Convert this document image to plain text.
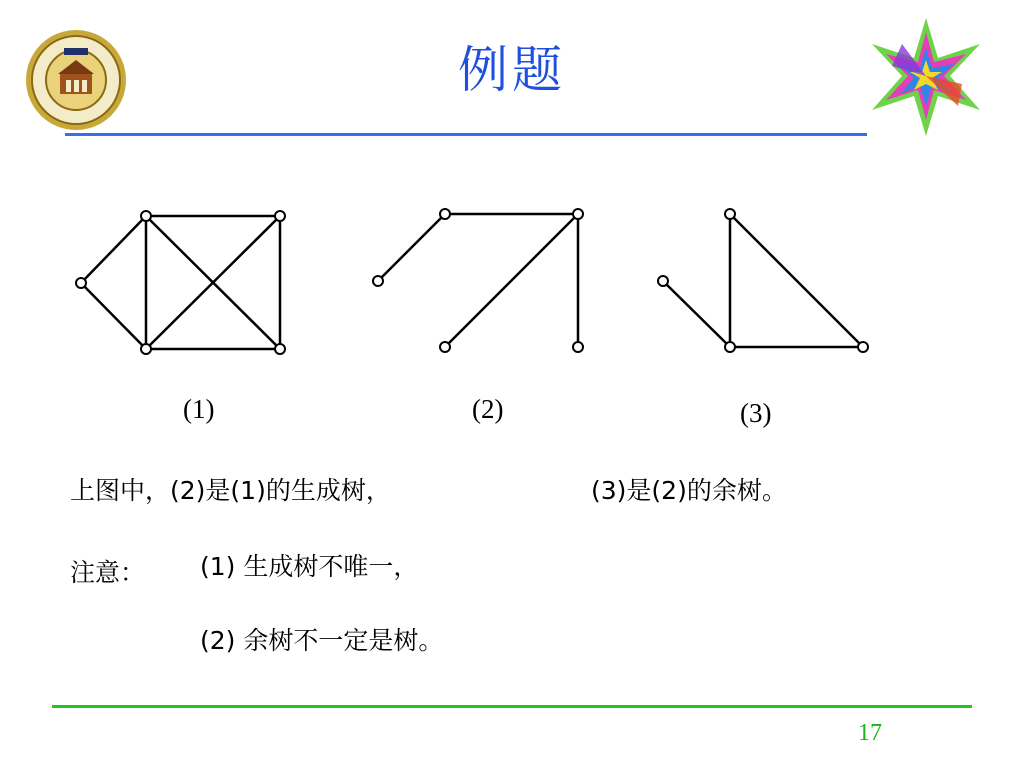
例题
(1)	(2)	(3)
上图中，(2)是(1)的生成树，	(3)是(2)的余树。
注意： (1) 生成树不唯一，
(2) 余树不一定是树。
17
